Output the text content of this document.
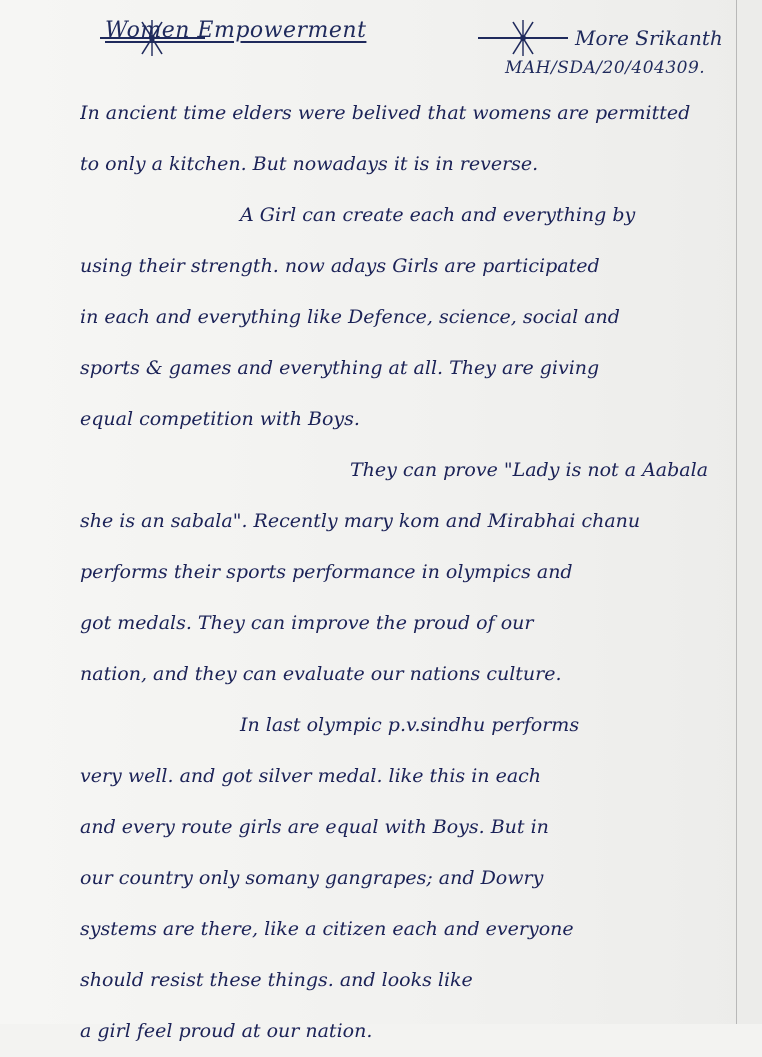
Women Empowerment	More Srikanth
MAH/SDA/20/404309.
In ancient time elders were belived that womens are permitted
to only a kitchen. But nowadays it is in reverse.
A Girl can create each and everything by
using their strength. now adays Girls are participated
in each and everything like Defence, science, social and
sports & games and everything at all. They are giving
equal competition with Boys.
They can prove "Lady is not a Aabala
she is an sabala". Recently mary kom and Mirabhai chanu
performs their sports performance in olympics and
got medals. They can improve the proud of our
nation, and they can evaluate our nations culture.
In last olympic p.v.sindhu performs
very well. and got silver medal. like this in each
and every route girls are equal with Boys. But in
our country only somany gangrapes; and Dowry
systems are there, like a citizen each and everyone
should resist these things. and looks like
a girl feel proud at our nation.
